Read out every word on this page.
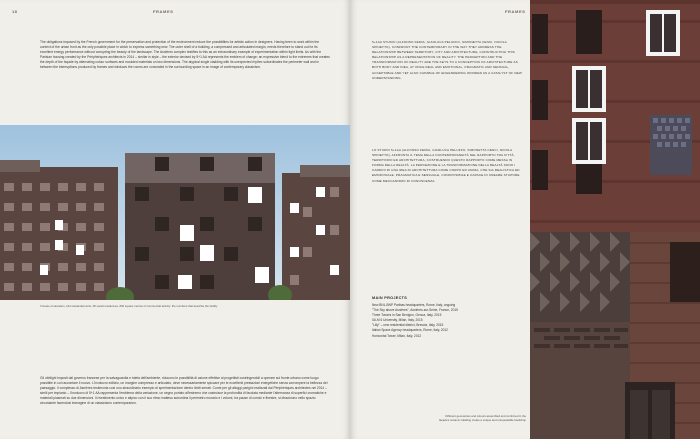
18	FRAMES

The obligations imposed by the French government for the preservation and protection of the environment reduce the possibilities for artistic action in designers. Having been to work within the context of the urban front as the only possible place in which to express something new. The outer shell of a building, a compressed and articulated margin, needs therefore to stand out for its excellent energy performance without corrupting the beauty of the landscape. The Asnières complex testifies to this as an extraordinary example of experimentation within tight limits. As with the Parisian housing created by the Périphériques architects in 2014 – similar in style – the exterior devised by 5+1 AA represents the emblem of change; an expressive blend to the extremes that creates the depth of the façade by alternating colour surfaces and moulded materials on two dimensions. The atypical single cladding with its unexpected rhythm subordinates the perimeter wall and in between the interruptions produced by frames and windows the rooms are concealed in the surrounding space in an image of contemporary classicism.

3 levels of elevation, 144 residential units, 38 social residences, 840 square metres of commercial activity: the numbers that describe the facility

Gli obblighi imposti dal governo francese per la salvaguardia e tutela dell'ambiente, riducono le possibilità di azione effettive ai progettisti costringendoli a operare sul fronte urbano come luogo possibile in cui raccontare il nuovo. L'involucro edilizio, un margine compresso e articolato, deve necessariamente spiccare per le eccellenti prestazioni energetiche senza corrompere la bellezza del paesaggio. Il complesso di Asnières testimonia così uno straordinario esempio di sperimentazione dentro limiti serrati. Come per gli alloggi parigini realizzati dai Périphériques architectes nel 2014 – simili per impianto – l'involucro di 5+1 AA rappresenta l'emblema della variazione, un segno portato all'estremo che costruisce la profondità di facciata mediante l'alternanza di superfici cromatiche e materiali plasmati su due dimensioni. Il rivestimento unico e atipico con il suo ritmo inatteso subordina il perimetro murario e i volumi, tra pause di cornici e finestre, si dissolvono nello spazio circostante facendosi immagine di un classicismo contemporaneo.

FRAMES

5+1AA STUDIO (ALFONSO FEMIA, GIANLUCA PELUFFO, SIMONETTA CENCI, NICOLA SPINETTO), CONFRONT THE CONTEMPORARY IN THE WAY THEY ADDRESS THE RELATIONSHIP BETWEEN TERRITORY, CITY AND ARCHITECTURE, CONSTRUCTING THIS RELATIONSHIP AS A REPRESENTATION OF REALITY. THE PERCEPTION AND THE TRANSFORMATION OF REALITY ARE THE KEYS TO A CONCEPTION OF ARCHITECTURE AS BOTH BODY AND IDEA, AT ONCE REAL AND EMOTIONAL, PRAGMATIC AND SENSUAL, ACCEPTABLE AND YET ALSO CAPABLE OF ENGENDERING WONDER AS A CATALYST OF NEW UNDERSTANDING.

LO STUDIO 5+1AA (ALFONSO FEMIA, GIANLUCA PELUFFO, SIMONETTA CENCI, NICOLA SPINETTO), AFFRONTA IL TEMA DELLA CONTEMPORANEITÀ NEL RAPPORTO TRA CITTÀ, TERRITORIO ED ARCHITETTURA, COSTRUENDO QUESTO RAPPORTO COME MESSA IN FORMA DELLA REALTÀ. LA PERCEZIONE E LA TRASFORMAZIONE DELLA REALTÀ SONO I CARDINI DI UNA IDEA DI ARCHITETTURA COME CORPO ED ANIMA, CHE SIA REALISTICA ED EMOZIONALE, PRAGMATICA E SENSUALE, CONDIVISIBILE E CAPACE DI CREARE STUPORE COME MECCANISMO DI CONOSCENZA.

MAIN PROJECTS
New BNL-BNP Paribas headquarters, Rome, Italy, ongoing
"The Sky above Asnières", Asnières-sur-Seine, France, 2015
Three Towers in San Benigno, Genoa, Italy, 2015
IULM 6 University, Milan, Italy, 2015
"Lilly" – new residential district, Brescia, Italy, 2015
Italian Space Agency headquarters, Rome, Italy, 2012
Horizontal Tower, Milan, Italy, 2012
Different geometries and colours assembled and combined in the façade's ceramic cladding create a unique and unrepeatable backdrop
